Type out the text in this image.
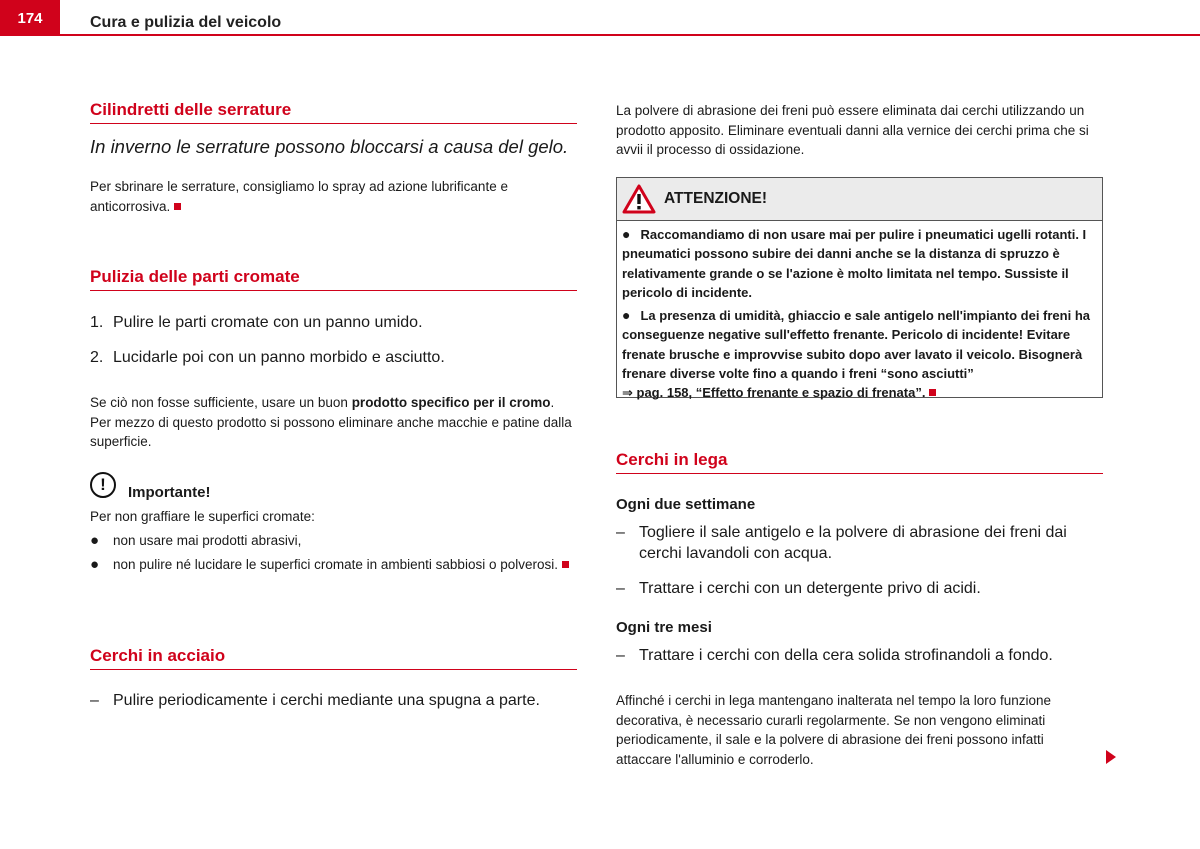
174	Cura e pulizia del veicolo
Cilindretti delle serrature
In inverno le serrature possono bloccarsi a causa del gelo.
Per sbrinare le serrature, consigliamo lo spray ad azione lubrificante e anticorrosiva.
Pulizia delle parti cromate
1. Pulire le parti cromate con un panno umido.
2. Lucidarle poi con un panno morbido e asciutto.
Se ciò non fosse sufficiente, usare un buon prodotto specifico per il cromo. Per mezzo di questo prodotto si possono eliminare anche macchie e patine dalla superficie.
!	Importante!
Per non graffiare le superfici cromate:
● non usare mai prodotti abrasivi,
● non pulire né lucidare le superfici cromate in ambienti sabbiosi o polverosi.
Cerchi in acciaio
– Pulire periodicamente i cerchi mediante una spugna a parte.
La polvere di abrasione dei freni può essere eliminata dai cerchi utilizzando un prodotto apposito. Eliminare eventuali danni alla vernice dei cerchi prima che si avvii il processo di ossidazione.
ATTENZIONE!
● Raccomandiamo di non usare mai per pulire i pneumatici ugelli rotanti. I pneumatici possono subire dei danni anche se la distanza di spruzzo è relativamente grande o se l'azione è molto limitata nel tempo. Sussiste il pericolo di incidente.
● La presenza di umidità, ghiaccio e sale antigelo nell'impianto dei freni ha conseguenze negative sull'effetto frenante. Pericolo di incidente! Evitare frenate brusche e improvvise subito dopo aver lavato il veicolo. Bisognerà frenare diverse volte fino a quando i freni “sono asciutti”
⇒ pag. 158, “Effetto frenante e spazio di frenata”.
Cerchi in lega
Ogni due settimane
– Togliere il sale antigelo e la polvere di abrasione dei freni dai cerchi lavandoli con acqua.
– Trattare i cerchi con un detergente privo di acidi.
Ogni tre mesi
– Trattare i cerchi con della cera solida strofinandoli a fondo.
Affinché i cerchi in lega mantengano inalterata nel tempo la loro funzione decorativa, è necessario curarli regolarmente. Se non vengono eliminati periodicamente, il sale e la polvere di abrasione dei freni possono infatti attaccare l'alluminio e corroderlo.
